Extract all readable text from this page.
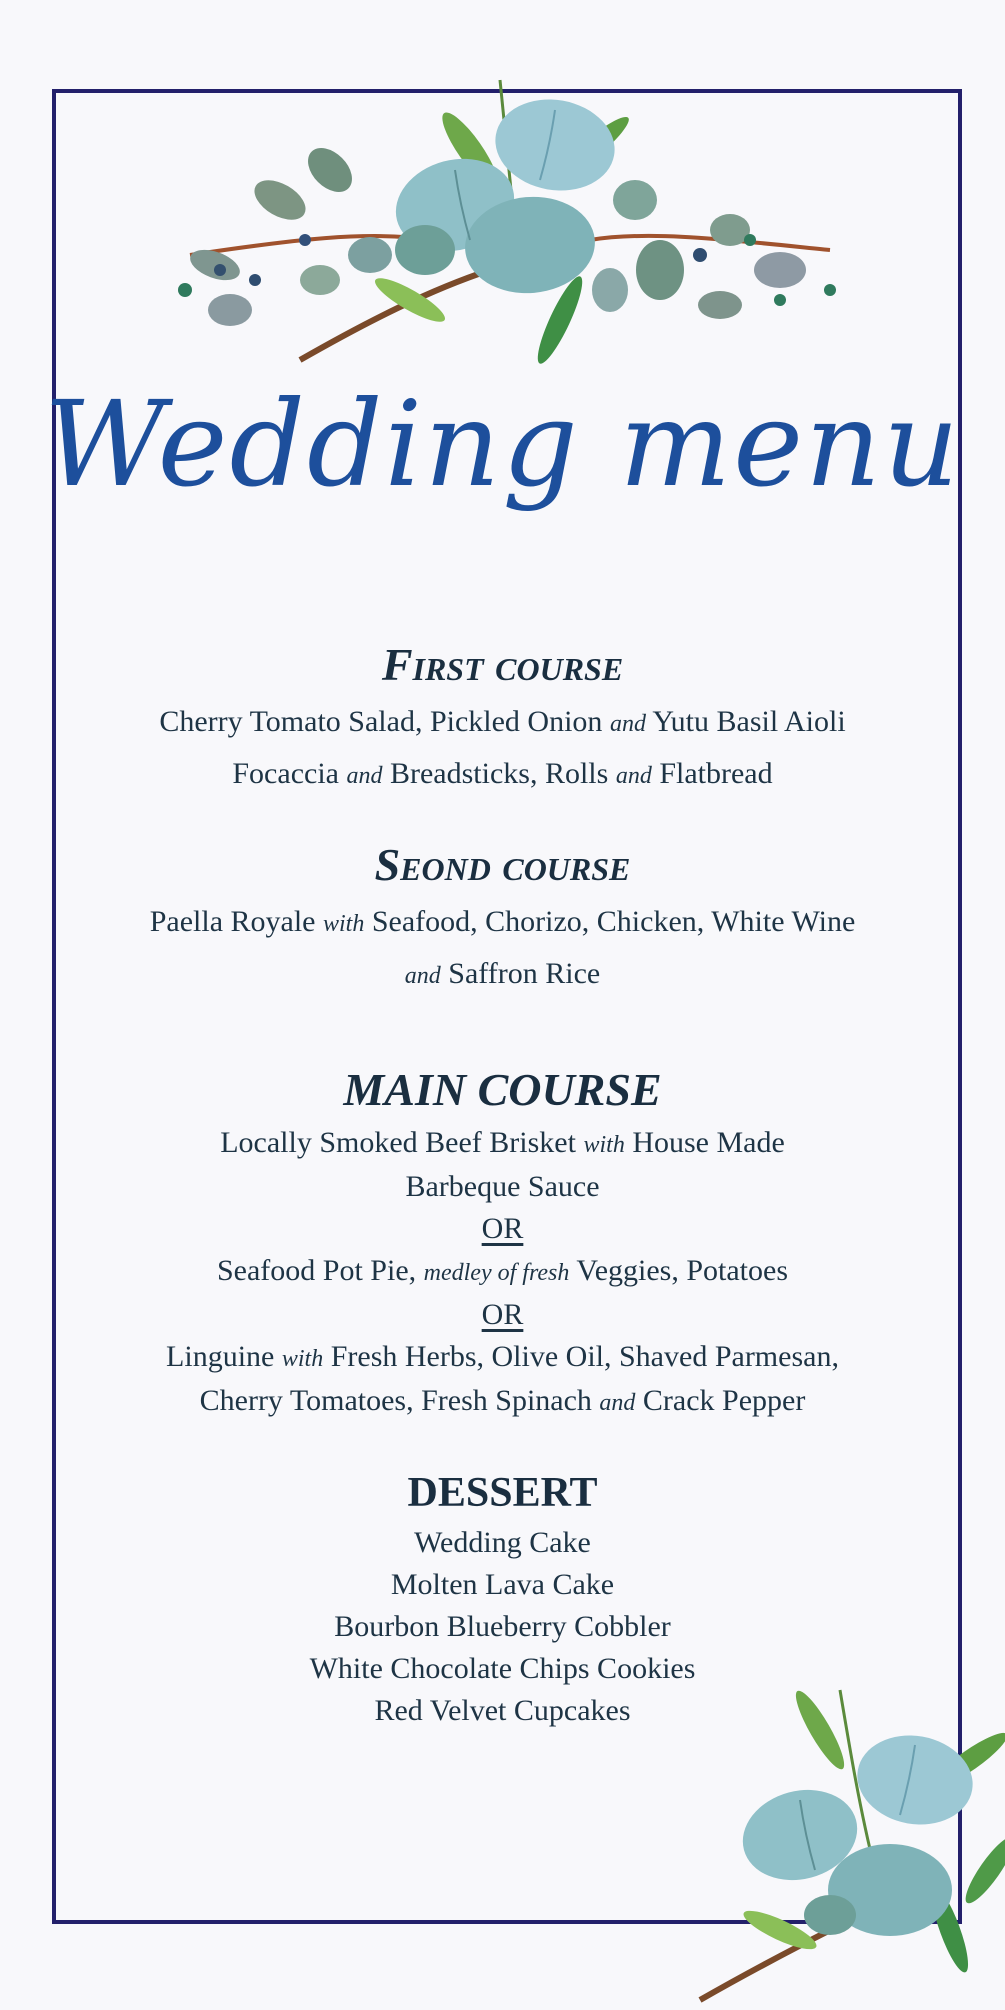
Wedding menu
First course
Cherry Tomato Salad, Pickled Onion and Yutu Basil Aioli
Focaccia and Breadsticks, Rolls and Flatbread
Seond course
Paella Royale with Seafood, Chorizo, Chicken, White Wine
and Saffron Rice
MAIN COURSE
Locally Smoked Beef Brisket with House Made
Barbeque Sauce
OR
Seafood Pot Pie, medley of fresh Veggies, Potatoes
OR
Linguine with Fresh Herbs, Olive Oil, Shaved Parmesan,
Cherry Tomatoes, Fresh Spinach and Crack Pepper
DESSERT
Wedding Cake
Molten Lava Cake
Bourbon Blueberry Cobbler
White Chocolate Chips Cookies
Red Velvet Cupcakes
